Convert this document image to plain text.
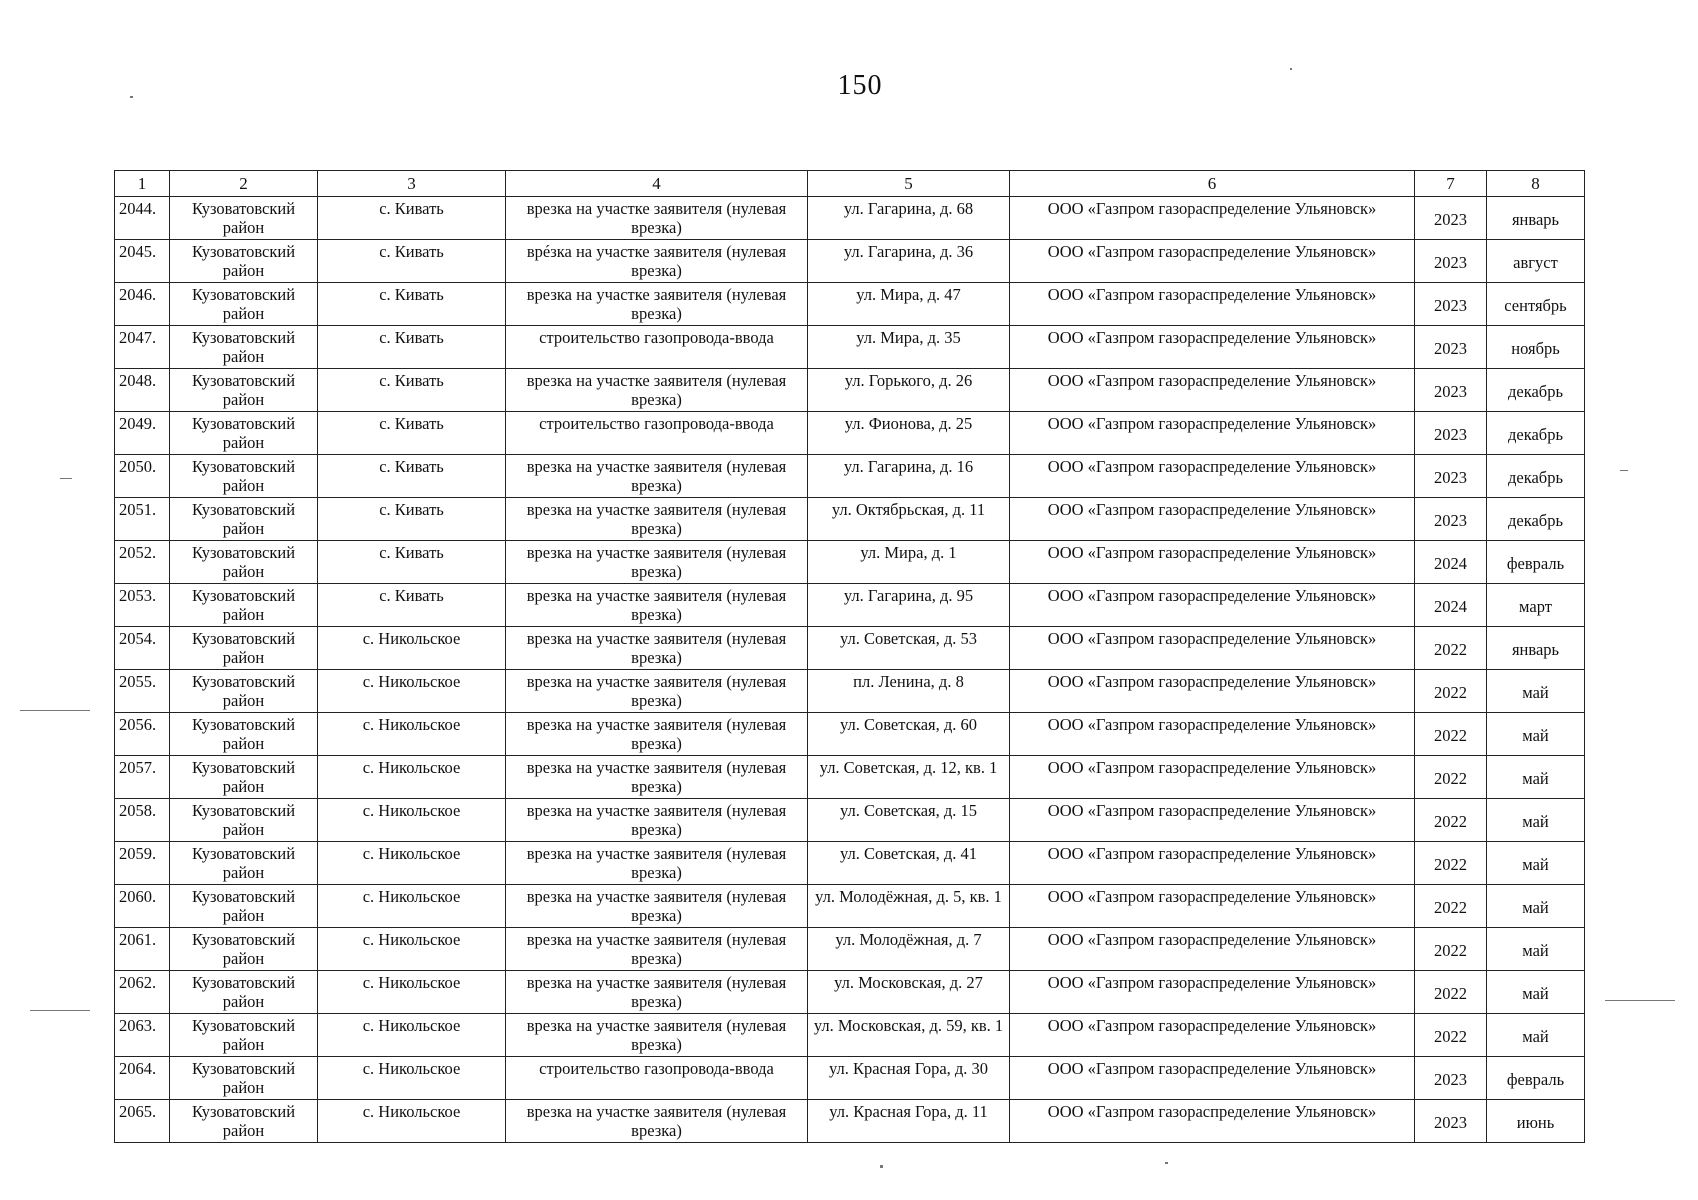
150
1	2	3	4	5	6	7	8
2044.	Кузоватовский район	с. Кивать	врезка на участке заявителя (нулевая врезка)	ул. Гагарина, д. 68	ООО «Газпром газораспределение Ульяновск»	2023	январь
2045.	Кузоватовский район	с. Кивать	врéзка на участке заявителя (нулевая врезка)	ул. Гагарина, д. 36	ООО «Газпром газораспределение Ульяновск»	2023	август
2046.	Кузоватовский район	с. Кивать	врезка на участке заявителя (нулевая врезка)	ул. Мира, д. 47	ООО «Газпром газораспределение Ульяновск»	2023	сентябрь
2047.	Кузоватовский район	с. Кивать	строительство газопровода-ввода	ул. Мира, д. 35	ООО «Газпром газораспределение Ульяновск»	2023	ноябрь
2048.	Кузоватовский район	с. Кивать	врезка на участке заявителя (нулевая врезка)	ул. Горького, д. 26	ООО «Газпром газораспределение Ульяновск»	2023	декабрь
2049.	Кузоватовский район	с. Кивать	строительство газопровода-ввода	ул. Фионова, д. 25	ООО «Газпром газораспределение Ульяновск»	2023	декабрь
2050.	Кузоватовский район	с. Кивать	врезка на участке заявителя (нулевая врезка)	ул. Гагарина, д. 16	ООО «Газпром газораспределение Ульяновск»	2023	декабрь
2051.	Кузоватовский район	с. Кивать	врезка на участке заявителя (нулевая врезка)	ул. Октябрьская, д. 11	ООО «Газпром газораспределение Ульяновск»	2023	декабрь
2052.	Кузоватовский район	с. Кивать	врезка на участке заявителя (нулевая врезка)	ул. Мира, д. 1	ООО «Газпром газораспределение Ульяновск»	2024	февраль
2053.	Кузоватовский район	с. Кивать	врезка на участке заявителя (нулевая врезка)	ул. Гагарина, д. 95	ООО «Газпром газораспределение Ульяновск»	2024	март
2054.	Кузоватовский район	с. Никольское	врезка на участке заявителя (нулевая врезка)	ул. Советская, д. 53	ООО «Газпром газораспределение Ульяновск»	2022	январь
2055.	Кузоватовский район	с. Никольское	врезка на участке заявителя (нулевая врезка)	пл. Ленина, д. 8	ООО «Газпром газораспределение Ульяновск»	2022	май
2056.	Кузоватовский район	с. Никольское	врезка на участке заявителя (нулевая врезка)	ул. Советская, д. 60	ООО «Газпром газораспределение Ульяновск»	2022	май
2057.	Кузоватовский район	с. Никольское	врезка на участке заявителя (нулевая врезка)	ул. Советская, д. 12, кв. 1	ООО «Газпром газораспределение Ульяновск»	2022	май
2058.	Кузоватовский район	с. Никольское	врезка на участке заявителя (нулевая врезка)	ул. Советская, д. 15	ООО «Газпром газораспределение Ульяновск»	2022	май
2059.	Кузоватовский район	с. Никольское	врезка на участке заявителя (нулевая врезка)	ул. Советская, д. 41	ООО «Газпром газораспределение Ульяновск»	2022	май
2060.	Кузоватовский район	с. Никольское	врезка на участке заявителя (нулевая врезка)	ул. Молодёжная, д. 5, кв. 1	ООО «Газпром газораспределение Ульяновск»	2022	май
2061.	Кузоватовский район	с. Никольское	врезка на участке заявителя (нулевая врезка)	ул. Молодёжная, д. 7	ООО «Газпром газораспределение Ульяновск»	2022	май
2062.	Кузоватовский район	с. Никольское	врезка на участке заявителя (нулевая врезка)	ул. Московская, д. 27	ООО «Газпром газораспределение Ульяновск»	2022	май
2063.	Кузоватовский район	с. Никольское	врезка на участке заявителя (нулевая врезка)	ул. Московская, д. 59, кв. 1	ООО «Газпром газораспределение Ульяновск»	2022	май
2064.	Кузоватовский район	с. Никольское	строительство газопровода-ввода	ул. Красная Гора, д. 30	ООО «Газпром газораспределение Ульяновск»	2023	февраль
2065.	Кузоватовский район	с. Никольское	врезка на участке заявителя (нулевая врезка)	ул. Красная Гора, д. 11	ООО «Газпром газораспределение Ульяновск»	2023	июнь
